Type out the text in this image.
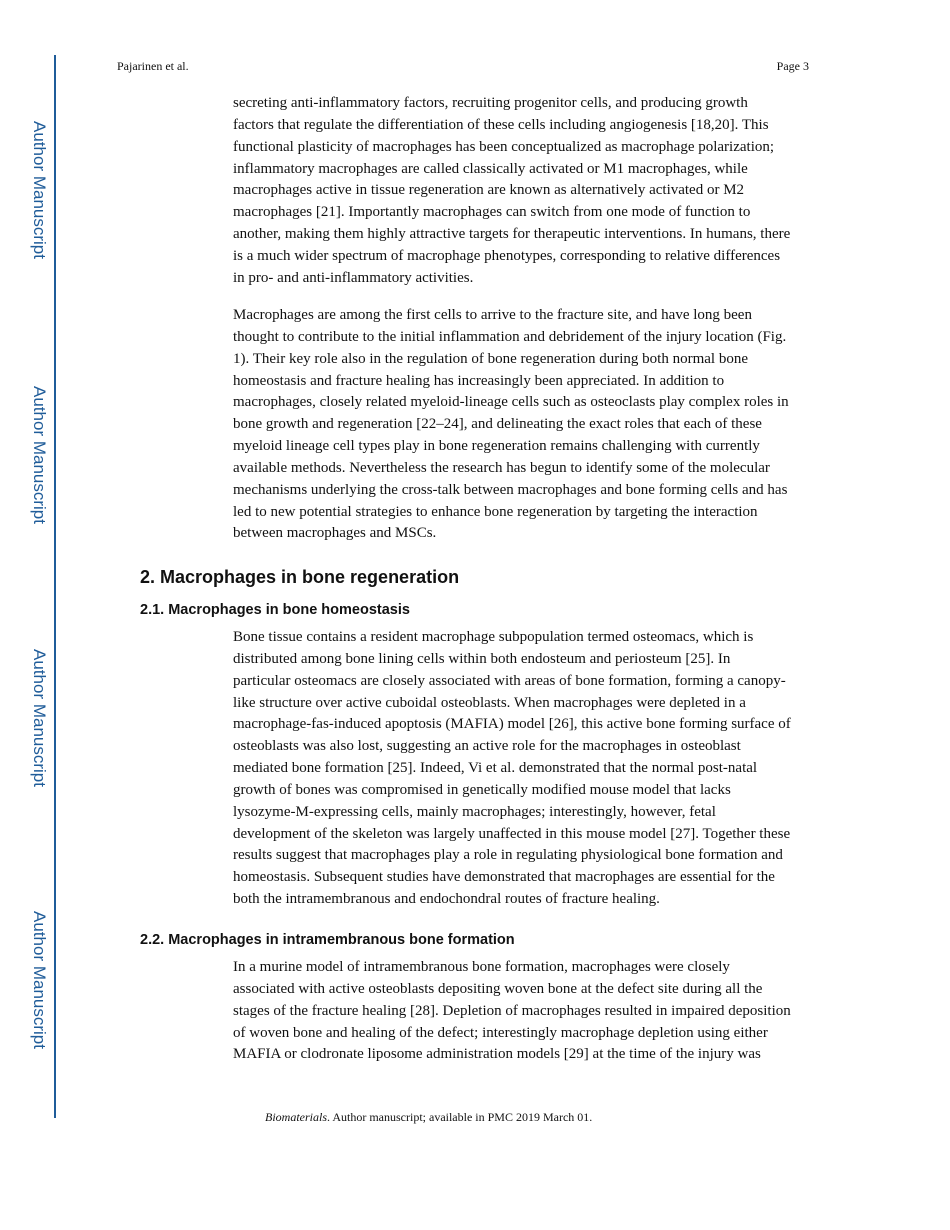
Author Manuscript
Author Manuscript
Author Manuscript
Author Manuscript
Pajarinen et al.	Page 3
secreting anti-inflammatory factors, recruiting progenitor cells, and producing growth
factors that regulate the differentiation of these cells including angiogenesis [18,20]. This
functional plasticity of macrophages has been conceptualized as macrophage polarization;
inflammatory macrophages are called classically activated or M1 macrophages, while
macrophages active in tissue regeneration are known as alternatively activated or M2
macrophages [21]. Importantly macrophages can switch from one mode of function to
another, making them highly attractive targets for therapeutic interventions. In humans, there
is a much wider spectrum of macrophage phenotypes, corresponding to relative differences
in pro- and anti-inflammatory activities.
Macrophages are among the first cells to arrive to the fracture site, and have long been
thought to contribute to the initial inflammation and debridement of the injury location (Fig.
1). Their key role also in the regulation of bone regeneration during both normal bone
homeostasis and fracture healing has increasingly been appreciated. In addition to
macrophages, closely related myeloid-lineage cells such as osteoclasts play complex roles in
bone growth and regeneration [22–24], and delineating the exact roles that each of these
myeloid lineage cell types play in bone regeneration remains challenging with currently
available methods. Nevertheless the research has begun to identify some of the molecular
mechanisms underlying the cross-talk between macrophages and bone forming cells and has
led to new potential strategies to enhance bone regeneration by targeting the interaction
between macrophages and MSCs.
2. Macrophages in bone regeneration
2.1. Macrophages in bone homeostasis
Bone tissue contains a resident macrophage subpopulation termed osteomacs, which is
distributed among bone lining cells within both endosteum and periosteum [25]. In
particular osteomacs are closely associated with areas of bone formation, forming a canopy-
like structure over active cuboidal osteoblasts. When macrophages were depleted in a
macrophage-fas-induced apoptosis (MAFIA) model [26], this active bone forming surface of
osteoblasts was also lost, suggesting an active role for the macrophages in osteoblast
mediated bone formation [25]. Indeed, Vi et al. demonstrated that the normal post-natal
growth of bones was compromised in genetically modified mouse model that lacks
lysozyme-M-expressing cells, mainly macrophages; interestingly, however, fetal
development of the skeleton was largely unaffected in this mouse model [27]. Together these
results suggest that macrophages play a role in regulating physiological bone formation and
homeostasis. Subsequent studies have demonstrated that macrophages are essential for the
both the intramembranous and endochondral routes of fracture healing.
2.2. Macrophages in intramembranous bone formation
In a murine model of intramembranous bone formation, macrophages were closely
associated with active osteoblasts depositing woven bone at the defect site during all the
stages of the fracture healing [28]. Depletion of macrophages resulted in impaired deposition
of woven bone and healing of the defect; interestingly macrophage depletion using either
MAFIA or clodronate liposome administration models [29] at the time of the injury was
Biomaterials. Author manuscript; available in PMC 2019 March 01.
